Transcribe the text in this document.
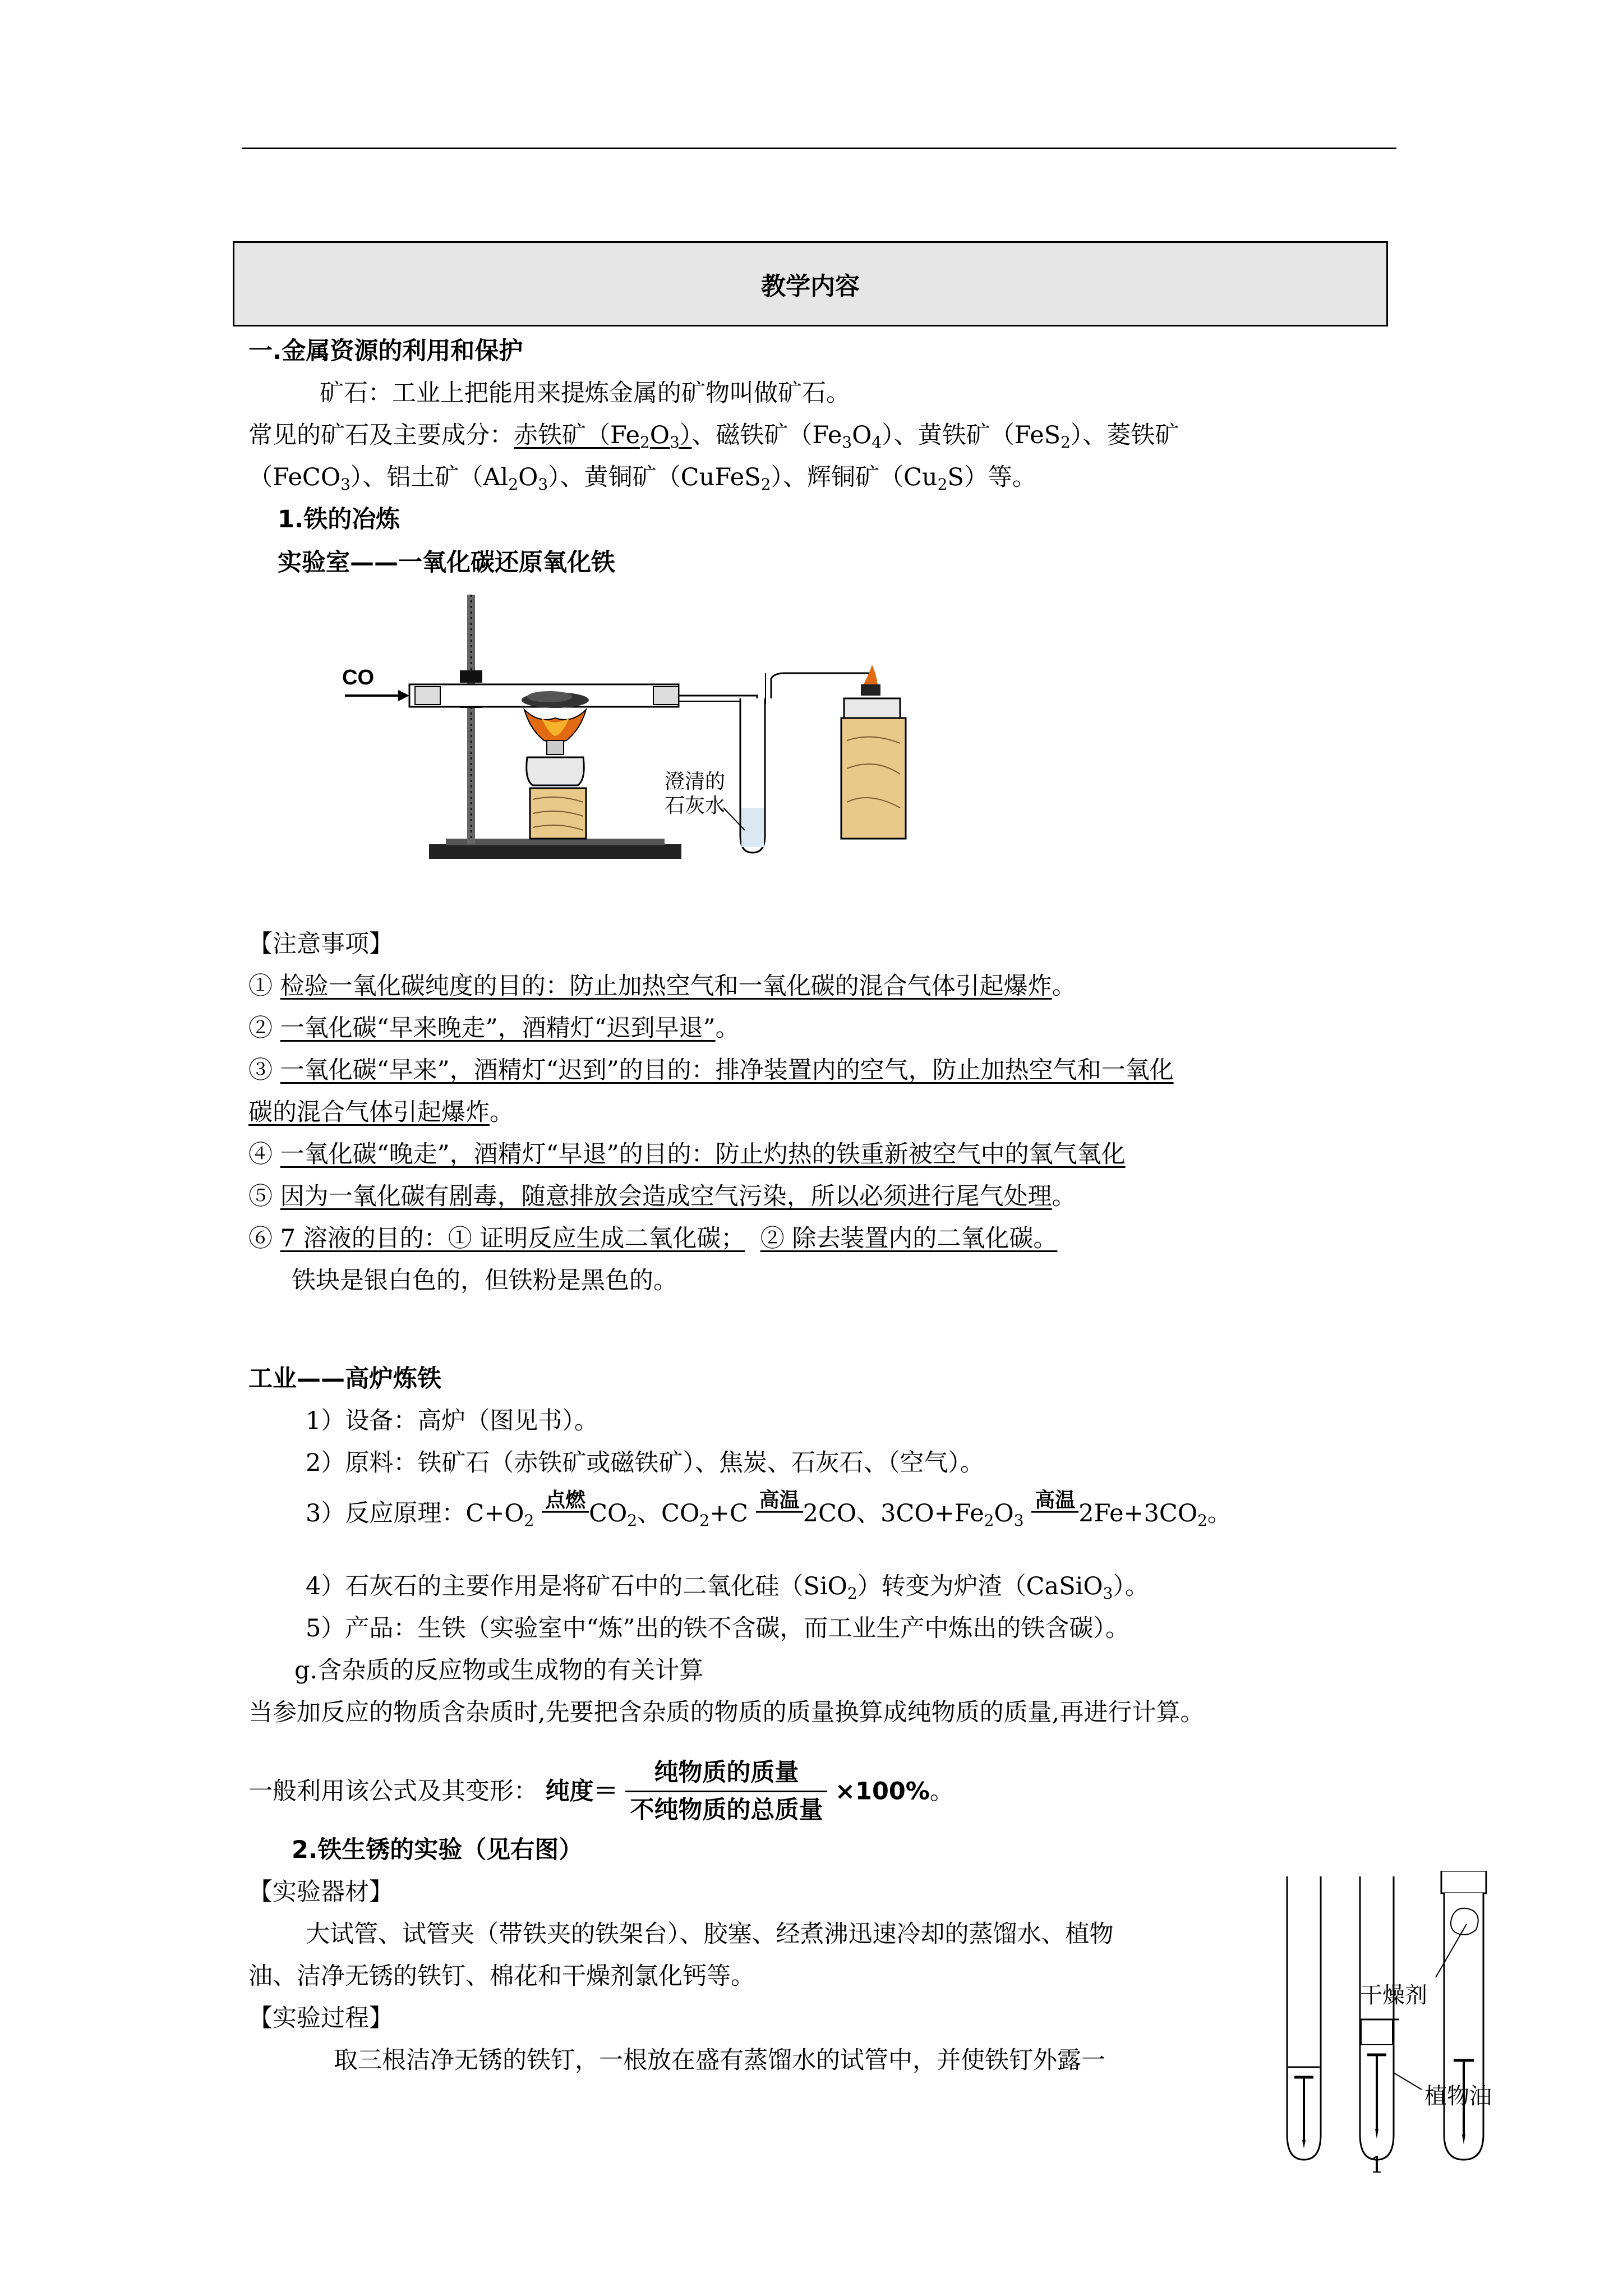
教学内容
一.金属资源的利用和保护
矿石：工业上把能用来提炼金属的矿物叫做矿石。
常见的矿石及主要成分：赤铁矿$(Fe_2O_3)$、磁铁矿$(Fe_3O_4)$、黄铁矿（FeS$_2$）、菱铁矿
（FeCO$_3$）、铝土矿$(Al_2O_3)$、黄铜矿（CuFeS$_2$）、辉铜矿$(Cu_2S)$等。
1.铁的冶炼
实验室——一氧化碳还原氧化铁
CO
澄清的
石灰水
【注意事项】
① 检验一氧化碳纯度的目的：防止加热空气和一氧化碳的混合气体引起爆炸。
② 一氧化碳“早来晚走”，酒精灯“迟到早退”。
③ 一氧化碳“早来”，酒精灯“迟到”的目的：排净装置内的空气，防止加热空气和一氧化
碳的混合气体引起爆炸。
④ 一氧化碳“晚走”，酒精灯“早退”的目的：防止灼热的铁重新被空气中的氧气氧化
⑤ 因为一氧化碳有剧毒，随意排放会造成空气污染，所以必须进行尾气处理。
⑥ 7 溶液的目的：① 证明反应生成二氧化碳； ② 除去装置内的二氧化碳。
铁块是银白色的，但铁粉是黑色的。
工业——高炉炼铁
1）设备：高炉（图见书）。
2）原料：铁矿石（赤铁矿或磁铁矿）、焦炭、石灰石、（空气）。
3）反应原理：$C+O_2$
点燃 $CO_2$、$CO_2+C$ 高温 2CO、$3CO+Fe_2O_3$
高温 $2Fe+3CO_2$。
4）石灰石的主要作用是将矿石中的二氧化硅（SiO$_2$）转变为炉渣（CaSiO$_3$）。
5）产品：生铁（实验室中“炼”出的铁不含碳，而工业生产中炼出的铁含碳）。
g.含杂质的反应物或生成物的有关计算
当参加反应的物质含杂质时,先要把含杂质的物质的质量换算成纯物质的质量,再进行计算。
一般利用该公式及其变形： 纯度＝ $\frac{\text{纯物质的质量}}{\text{不纯物质的总质量}} \times 100\%$。
2.铁生锈的实验（见右图）
【实验器材】
大试管、试管夹（带铁夹的铁架台）、胶塞、经煮沸迅速冷却的蒸馏水、植物
油、洁净无锈的铁钉、棉花和干燥剂氯化钙等。
【实验过程】
取三根洁净无锈的铁钉，一根放在盛有蒸馏水的试管中，并使铁钉外露一
干燥剂
植物油
1
